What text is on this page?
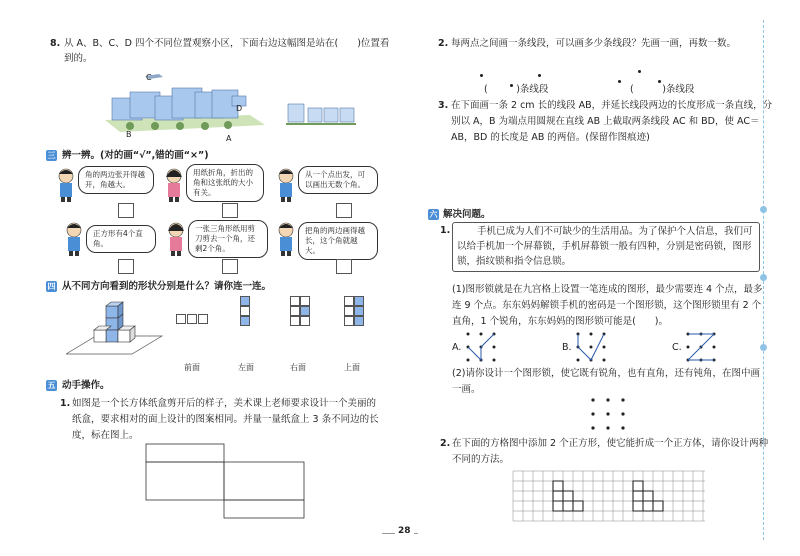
8. 从 A、B、C、D 四个不同位置观察小区，下面右边这幅图是站在(　　)位置看
到的。
C
D
B	A
三 辨一辨。(对的画“√”,错的画“×”)
角的两边张开得越开，角越大。
用纸折角，折出的角和这张纸的大小有关。
从一个点出发，可以画出无数个角。
正方形有4个直角。
一张三角形纸用剪刀剪去一个角，还剩2个角。
把角的两边画得越长，这个角就越大。
四 从不同方向看到的形状分别是什么？请你连一连。
前面	左面	右面	上面
五 动手操作。
1. 如图是一个长方体纸盒剪开后的样子，美术课上老师要求设计一个美丽的
纸盒，要求相对的面上设计的图案相同。并量一量纸盒上 3 条不同边的长
度，标在图上。
2. 每两点之间画一条线段，可以画多少条线段？先画一画，再数一数。
(　　　)条线段	(　　　)条线段
3. 在下面画一条 2 cm 长的线段 AB，并延长线段两边的长度形成一条直线，分
别以 A，B 为端点用圆规在直线 AB 上截取两条线段 AC 和 BD，使 AC＝
AB，BD 的长度是 AB 的两倍。(保留作图痕迹)
六 解决问题。
1.	手机已成为人们不可缺少的生活用品。为了保护个人信息，我们可
以给手机加一个屏幕锁，手机屏幕锁一般有四种，分别是密码锁，图形
锁，指纹锁和指令信息锁。
(1)图形锁就是在九宫格上设置一笔连成的图形，最少需要连 4 个点，最多
连 9 个点。东东妈妈解锁手机的密码是一个图形锁，这个图形锁里有 2 个
直角，1 个锐角，东东妈妈的图形锁可能是(　　)。
A.	B.	C.
(2)请你设计一个图形锁，使它既有锐角，也有直角，还有钝角，在图中画
一画。
2. 在下面的方格图中添加 2 个正方形，使它能折成一个正方体，请你设计两种
不同的方法。
28
